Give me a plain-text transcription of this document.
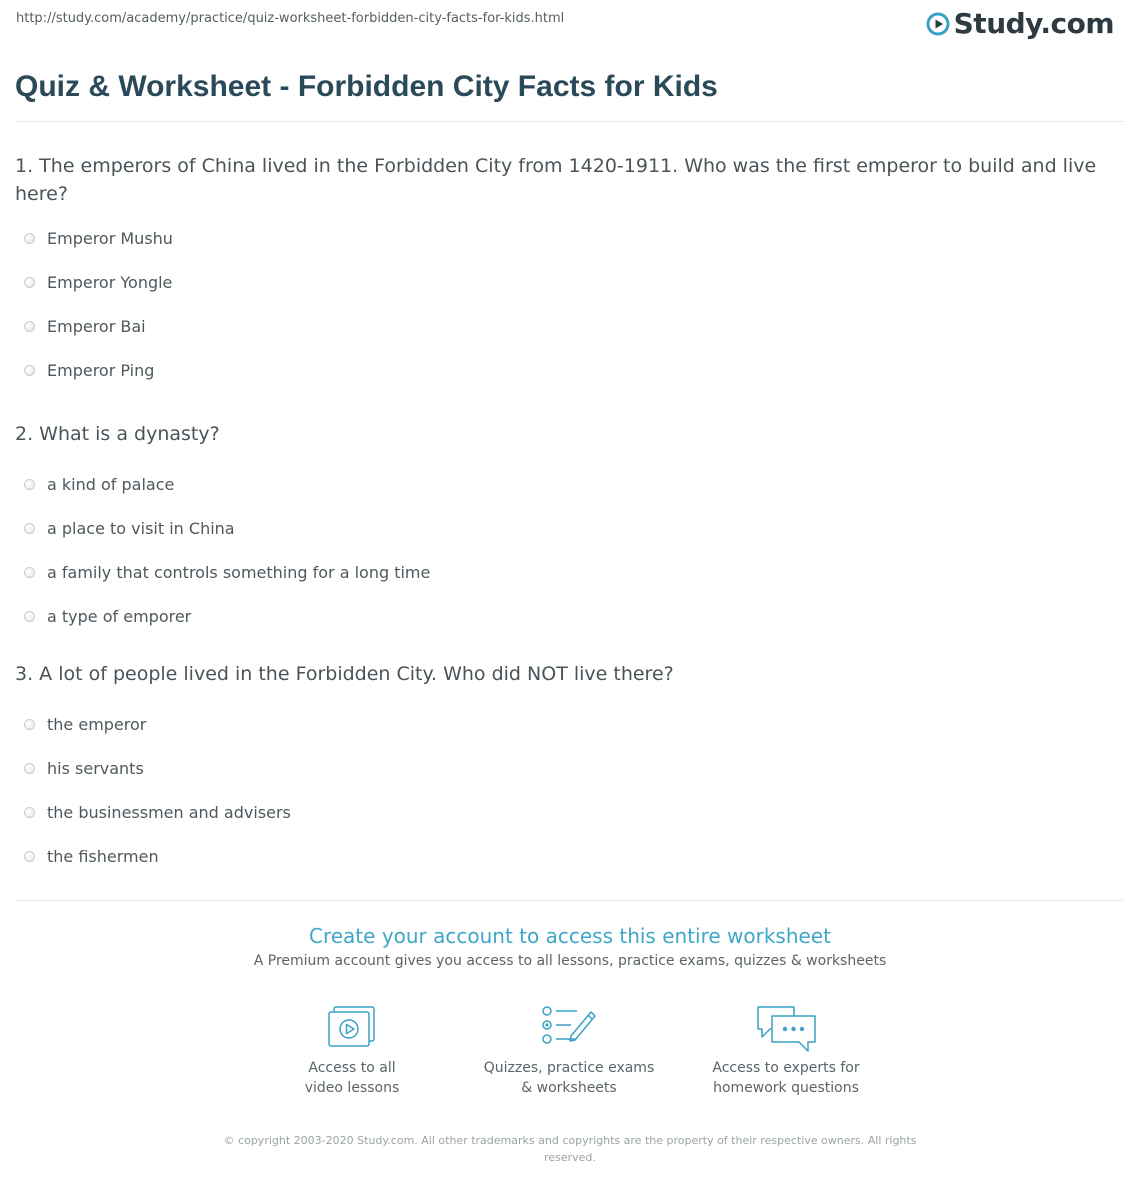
http://study.com/academy/practice/quiz-worksheet-forbidden-city-facts-for-kids.html	Study.com
Quiz & Worksheet - Forbidden City Facts for Kids

1. The emperors of China lived in the Forbidden City from 1420-1911. Who was the first emperor to build and live here?

Emperor Mushu
Emperor Yongle
Emperor Bai
Emperor Ping

2. What is a dynasty?

a kind of palace
a place to visit in China
a family that controls something for a long time
a type of emporer

3. A lot of people lived in the Forbidden City. Who did NOT live there?

the emperor
his servants
the businessmen and advisers
the fishermen
Create your account to access this entire worksheet
A Premium account gives you access to all lessons, practice exams, quizzes & worksheets
Access to all
video lessons
Quizzes, practice exams
& worksheets
Access to experts for
homework questions
© copyright 2003-2020 Study.com. All other trademarks and copyrights are the property of their respective owners. All rights reserved.
